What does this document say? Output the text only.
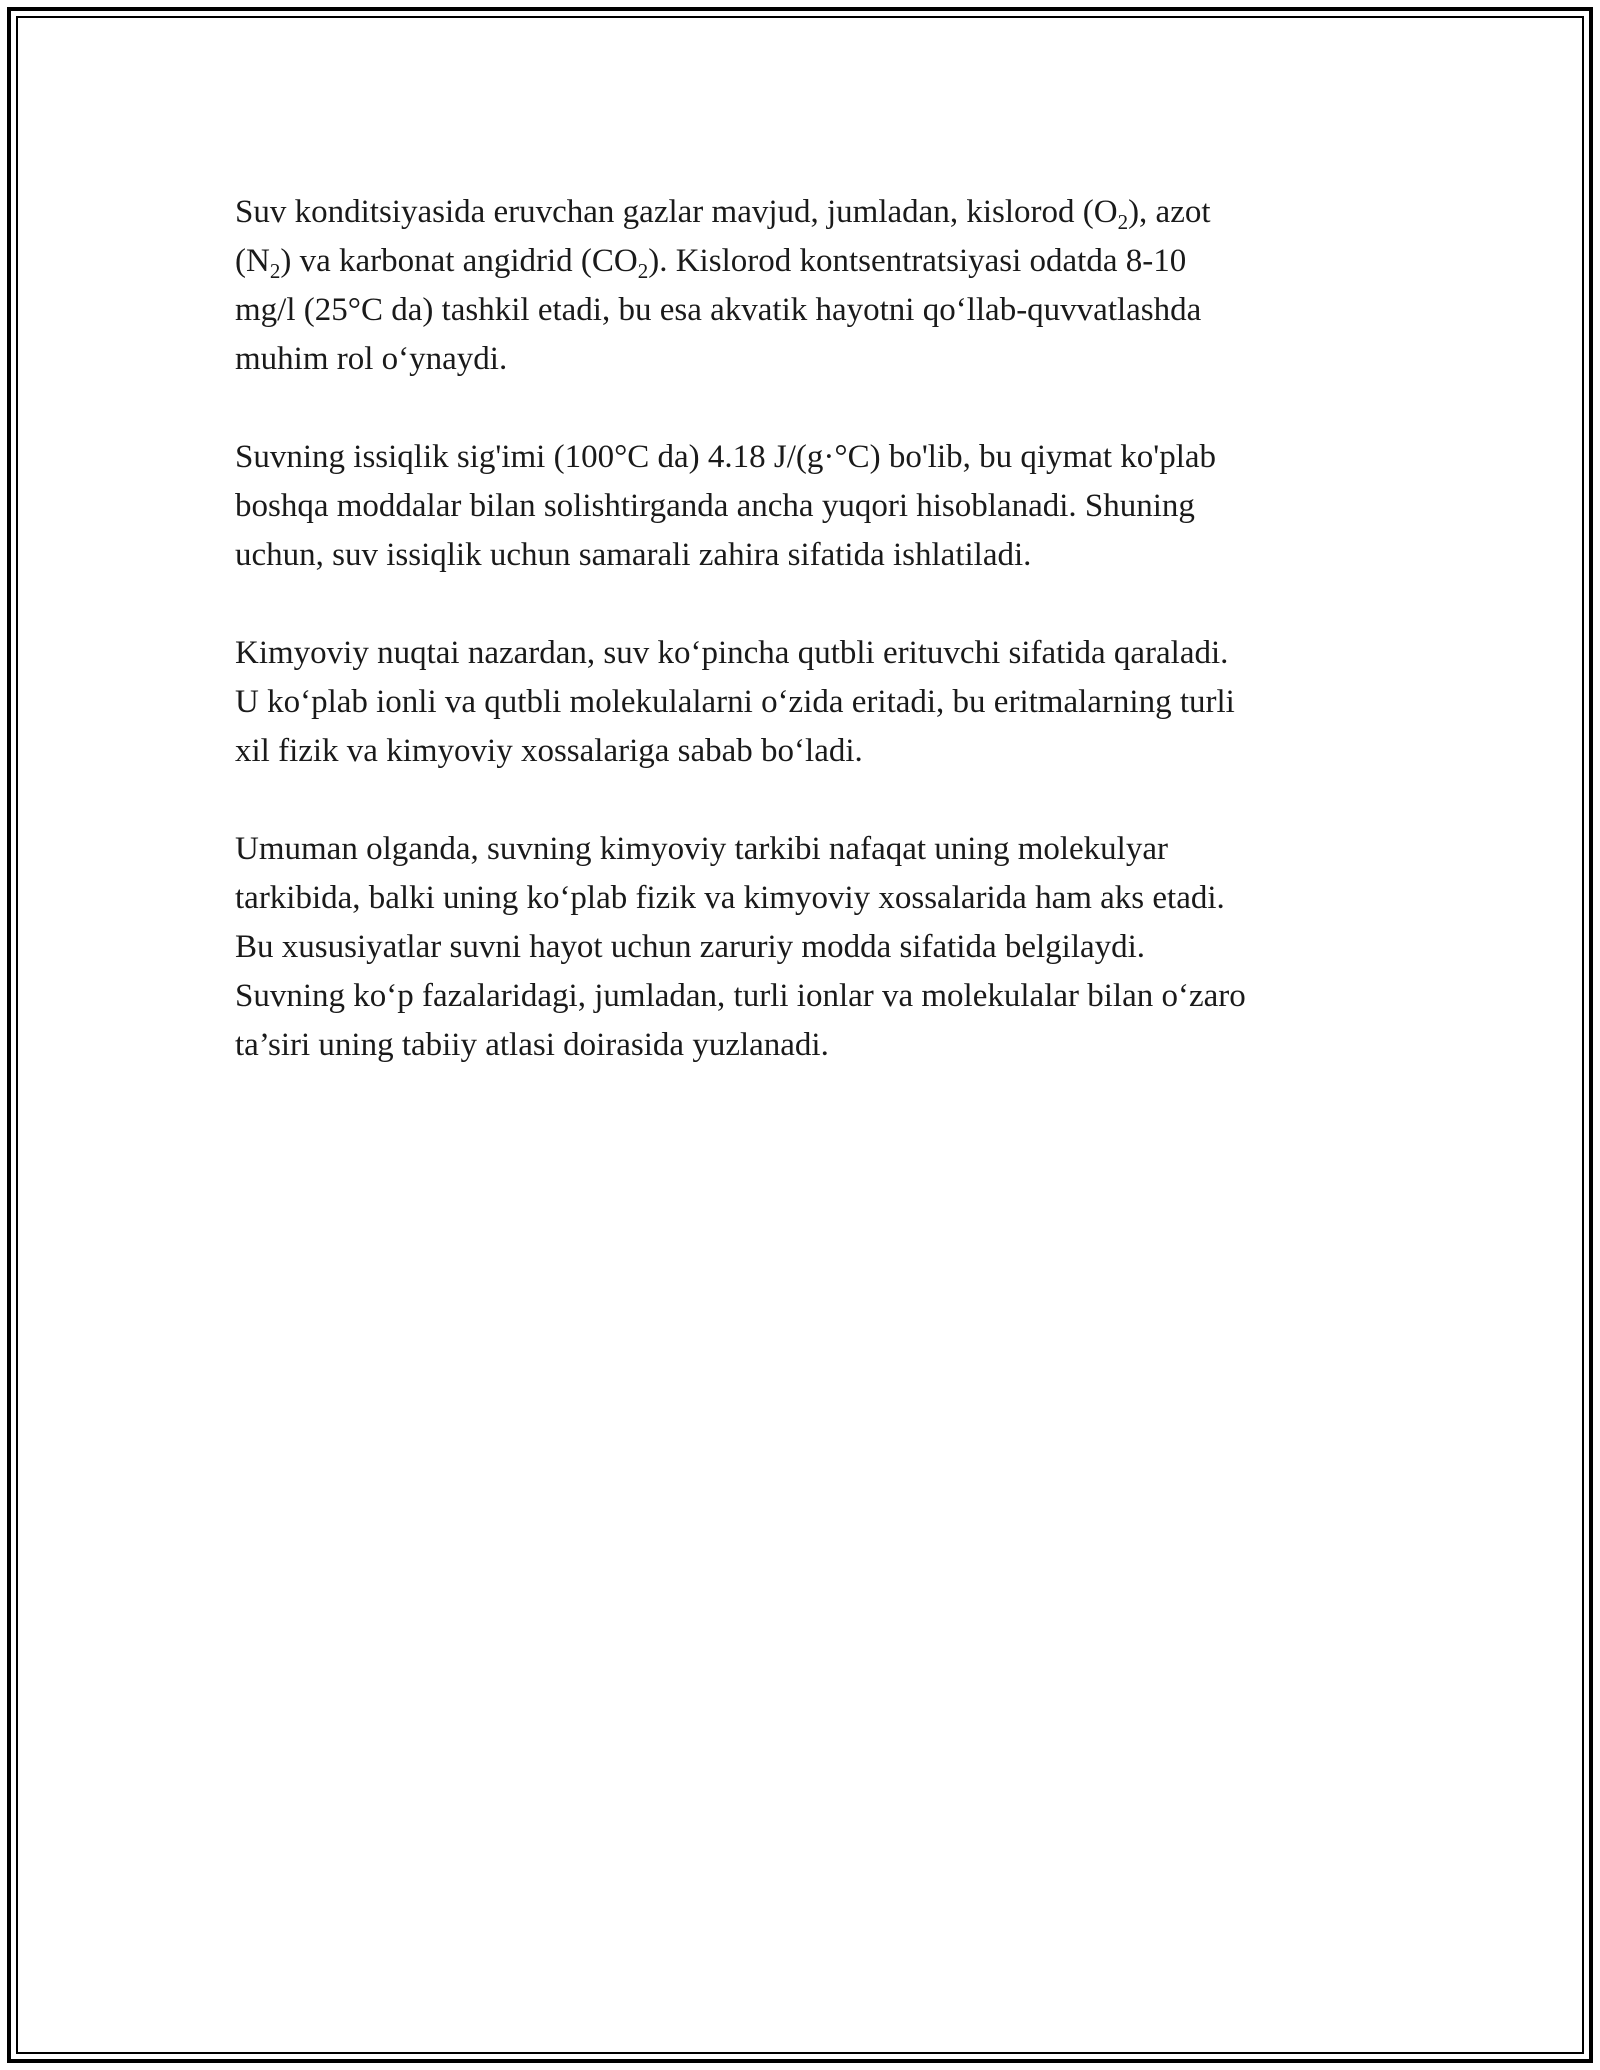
Suv konditsiyasida eruvchan gazlar mavjud, jumladan, kislorod $(O_2)$, azot
$(N_2)$ va karbonat angidrid $(CO_2)$. Kislorod kontsentratsiyasi odatda 8-10
mg/l (25°C da) tashkil etadi, bu esa akvatik hayotni qo‘llab-quvvatlashda
muhim rol o‘ynaydi.

Suvning issiqlik sig'imi (100°C da) 4.18 J/(g·°C) bo'lib, bu qiymat ko'plab
boshqa moddalar bilan solishtirganda ancha yuqori hisoblanadi. Shuning
uchun, suv issiqlik uchun samarali zahira sifatida ishlatiladi.

Kimyoviy nuqtai nazardan, suv ko‘pincha qutbli erituvchi sifatida qaraladi.
U ko‘plab ionli va qutbli molekulalarni o‘zida eritadi, bu eritmalarning turli
xil fizik va kimyoviy xossalariga sabab bo‘ladi.

Umuman olganda, suvning kimyoviy tarkibi nafaqat uning molekulyar
tarkibida, balki uning ko‘plab fizik va kimyoviy xossalarida ham aks etadi.
Bu xususiyatlar suvni hayot uchun zaruriy modda sifatida belgilaydi.
Suvning ko‘p fazalaridagi, jumladan, turli ionlar va molekulalar bilan o‘zaro
ta’siri uning tabiiy atlasi doirasida yuzlanadi.
